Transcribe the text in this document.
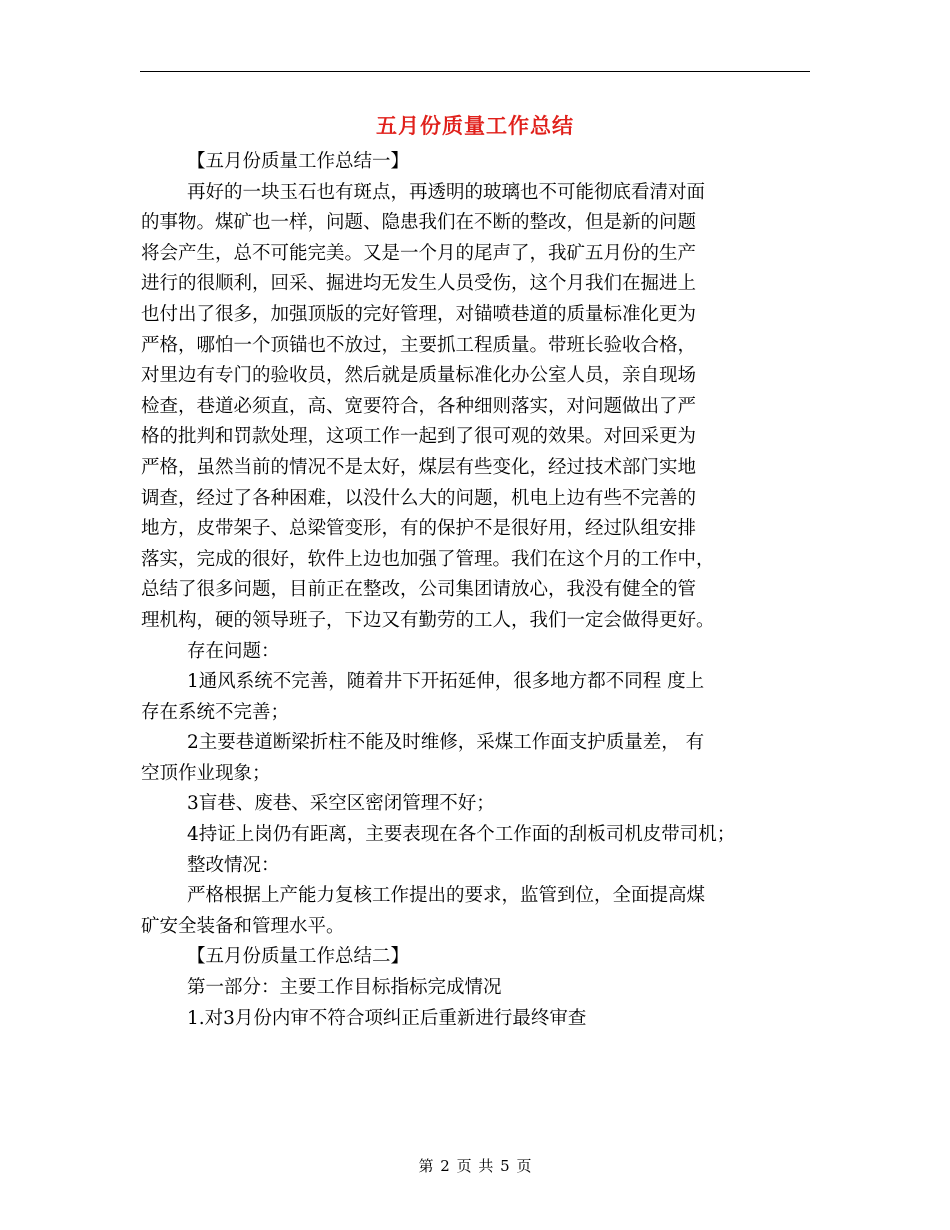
五月份质量工作总结
【五月份质量工作总结一】
再好的一块玉石也有斑点，再透明的玻璃也不可能彻底看清对面
的事物。煤矿也一样，问题、隐患我们在不断的整改，但是新的问题
将会产生，总不可能完美。又是一个月的尾声了，我矿五月份的生产
进行的很顺利，回采、掘进均无发生人员受伤，这个月我们在掘进上
也付出了很多，加强顶版的完好管理，对锚喷巷道的质量标准化更为
严格，哪怕一个顶锚也不放过，主要抓工程质量。带班长验收合格，
对里边有专门的验收员，然后就是质量标准化办公室人员，亲自现场
检查，巷道必须直，高、宽要符合，各种细则落实，对问题做出了严
格的批判和罚款处理，这项工作一起到了很可观的效果。对回采更为
严格，虽然当前的情况不是太好，煤层有些变化，经过技术部门实地
调查，经过了各种困难，以没什么大的问题，机电上边有些不完善的
地方，皮带架子、总梁管变形，有的保护不是很好用，经过队组安排
落实，完成的很好，软件上边也加强了管理。我们在这个月的工作中，
总结了很多问题，目前正在整改，公司集团请放心，我没有健全的管
理机构，硬的领导班子，下边又有勤劳的工人，我们一定会做得更好。
存在问题：
1通风系统不完善，随着井下开拓延伸，很多地方都不同程 度上
存在系统不完善；
2主要巷道断梁折柱不能及时维修，采煤工作面支护质量差， 有
空顶作业现象；
3盲巷、废巷、采空区密闭管理不好；
4持证上岗仍有距离，主要表现在各个工作面的刮板司机皮带司机；
整改情况：
严格根据上产能力复核工作提出的要求，监管到位，全面提高煤
矿安全装备和管理水平。
【五月份质量工作总结二】
第一部分：主要工作目标指标完成情况
1.对3月份内审不符合项纠正后重新进行最终审查
第 2 页 共 5 页
